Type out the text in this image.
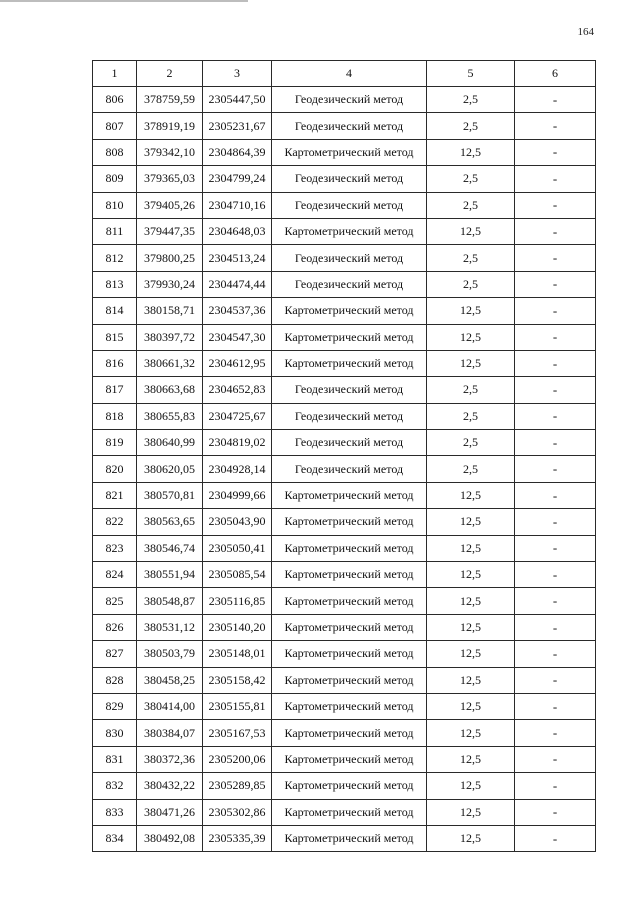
164
1	2	3	4	5	6
806	378759,59	2305447,50	Геодезический метод	2,5	-
807	378919,19	2305231,67	Геодезический метод	2,5	-
808	379342,10	2304864,39	Картометрический метод	12,5	-
809	379365,03	2304799,24	Геодезический метод	2,5	-
810	379405,26	2304710,16	Геодезический метод	2,5	-
811	379447,35	2304648,03	Картометрический метод	12,5	-
812	379800,25	2304513,24	Геодезический метод	2,5	-
813	379930,24	2304474,44	Геодезический метод	2,5	-
814	380158,71	2304537,36	Картометрический метод	12,5	-
815	380397,72	2304547,30	Картометрический метод	12,5	-
816	380661,32	2304612,95	Картометрический метод	12,5	-
817	380663,68	2304652,83	Геодезический метод	2,5	-
818	380655,83	2304725,67	Геодезический метод	2,5	-
819	380640,99	2304819,02	Геодезический метод	2,5	-
820	380620,05	2304928,14	Геодезический метод	2,5	-
821	380570,81	2304999,66	Картометрический метод	12,5	-
822	380563,65	2305043,90	Картометрический метод	12,5	-
823	380546,74	2305050,41	Картометрический метод	12,5	-
824	380551,94	2305085,54	Картометрический метод	12,5	-
825	380548,87	2305116,85	Картометрический метод	12,5	-
826	380531,12	2305140,20	Картометрический метод	12,5	-
827	380503,79	2305148,01	Картометрический метод	12,5	-
828	380458,25	2305158,42	Картометрический метод	12,5	-
829	380414,00	2305155,81	Картометрический метод	12,5	-
830	380384,07	2305167,53	Картометрический метод	12,5	-
831	380372,36	2305200,06	Картометрический метод	12,5	-
832	380432,22	2305289,85	Картометрический метод	12,5	-
833	380471,26	2305302,86	Картометрический метод	12,5	-
834	380492,08	2305335,39	Картометрический метод	12,5	-
